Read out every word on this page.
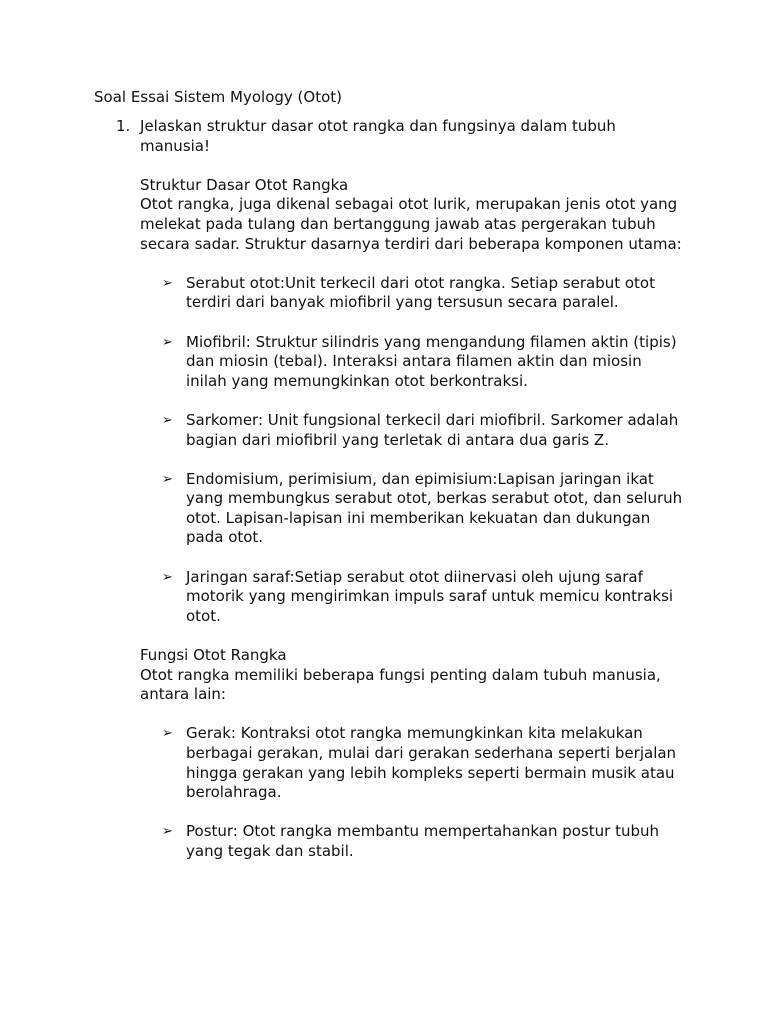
Soal Essai Sistem Myology (Otot)
1. Jelaskan struktur dasar otot rangka dan fungsinya dalam tubuh manusia!

Struktur Dasar Otot Rangka

Otot rangka, juga dikenal sebagai otot lurik, merupakan jenis otot yang melekat pada tulang dan bertanggung jawab atas pergerakan tubuh secara sadar. Struktur dasarnya terdiri dari beberapa komponen utama:

➢ Serabut otot:Unit terkecil dari otot rangka. Setiap serabut otot terdiri dari banyak miofibril yang tersusun secara paralel.
➢ Miofibril: Struktur silindris yang mengandung filamen aktin (tipis) dan miosin (tebal). Interaksi antara filamen aktin dan miosin inilah yang memungkinkan otot berkontraksi.
➢ Sarkomer: Unit fungsional terkecil dari miofibril. Sarkomer adalah bagian dari miofibril yang terletak di antara dua garis Z.
➢ Endomisium, perimisium, dan epimisium:Lapisan jaringan ikat yang membungkus serabut otot, berkas serabut otot, dan seluruh otot. Lapisan-lapisan ini memberikan kekuatan dan dukungan pada otot.
➢ Jaringan saraf:Setiap serabut otot diinervasi oleh ujung saraf motorik yang mengirimkan impuls saraf untuk memicu kontraksi otot.

Fungsi Otot Rangka

Otot rangka memiliki beberapa fungsi penting dalam tubuh manusia, antara lain:

➢ Gerak: Kontraksi otot rangka memungkinkan kita melakukan berbagai gerakan, mulai dari gerakan sederhana seperti berjalan hingga gerakan yang lebih kompleks seperti bermain musik atau berolahraga.
➢ Postur: Otot rangka membantu mempertahankan postur tubuh yang tegak dan stabil.
